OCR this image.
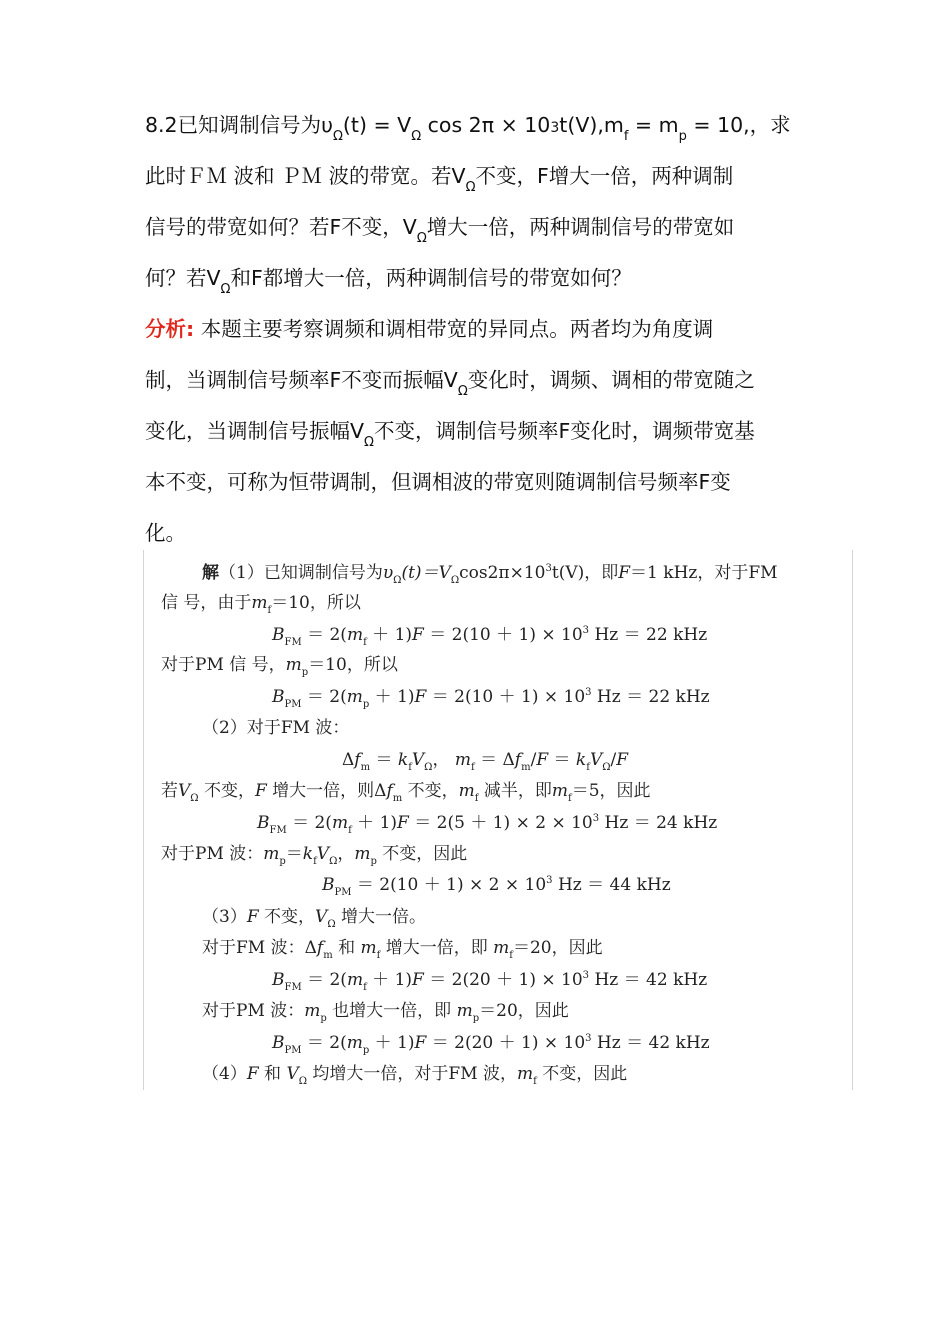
8.2已知调制信号为$\upsilon_\Omega(t) = V_\Omega$ $\cos 2\pi \times 103t(V),m_f = m_p = 10$,，求
此时ＦＭ 波和 ＰＭ 波的带宽。若$V_\Omega$不变，F增大一倍，两种调制
信号的带宽如何？若F不变，$V_\Omega$增大一倍，两种调制信号的带宽如
何？若$V_\Omega$和F都增大一倍，两种调制信号的带宽如何？
分析: 本题主要考察调频和调相带宽的异同点。两者均为角度调
制，当调制信号频率F不变而振幅$V_\Omega$变化时，调频、调相的带宽随之
变化，当调制信号振幅$V_\Omega$不变，调制信号频率F变化时，调频带宽基
本不变，可称为恒带调制，但调相波的带宽则随调制信号频率F变
化。
解（1）已知调制信号为$\upsilon_\Omega(t)=V_\Omega\cos 2\pi\times 10^3t(V)$，即F＝1 kHz，对于FM
信 号，由于$m_f=10$，所以
$B_{FM} = 2(m_f + 1)F = 2(10 + 1) \times 10^3$ Hz ＝ 22 kHz
对于PM 信 号，$m_p=10$，所以
$B_{PM} = 2(m_p + 1)F = 2(10 + 1) \times 10^3$ Hz ＝ 22 kHz
（2）对于FM 波：
$\Delta f_m = k_fV_\Omega$， $m_f = \Delta f_m/F = k_fV_\Omega/F$
若$V_\Omega$ 不变，F 增大一倍，则$\Delta f_m$ 不变，$m_f$ 减半，即$m_f=5$，因此
$B_{FM} = 2(m_f + 1)F = 2(5 + 1) \times 2 \times 10^3$ Hz ＝ 24 kHz
对于PM 波：$m_p=k_fV_\Omega$，$m_p$ 不变，因此
$B_{PM} = 2(10 + 1) \times 2 \times 10^3$ Hz ＝ 44 kHz
（3）F 不变，$V_\Omega$ 增大一倍。
对于FM 波：$\Delta f_m$ 和 $m_f$ 增大一倍，即 $m_f=20$，因此
$B_{FM} = 2(m_f + 1)F = 2(20 + 1) \times 10^3$ Hz ＝ 42 kHz
对于PM 波：$m_p$ 也增大一倍，即 $m_p=20$，因此
$B_{PM} = 2(m_p + 1)F = 2(20 + 1) \times 10^3$ Hz ＝ 42 kHz
（4）F 和 $V_\Omega$ 均增大一倍，对于FM 波，$m_f$ 不变，因此
